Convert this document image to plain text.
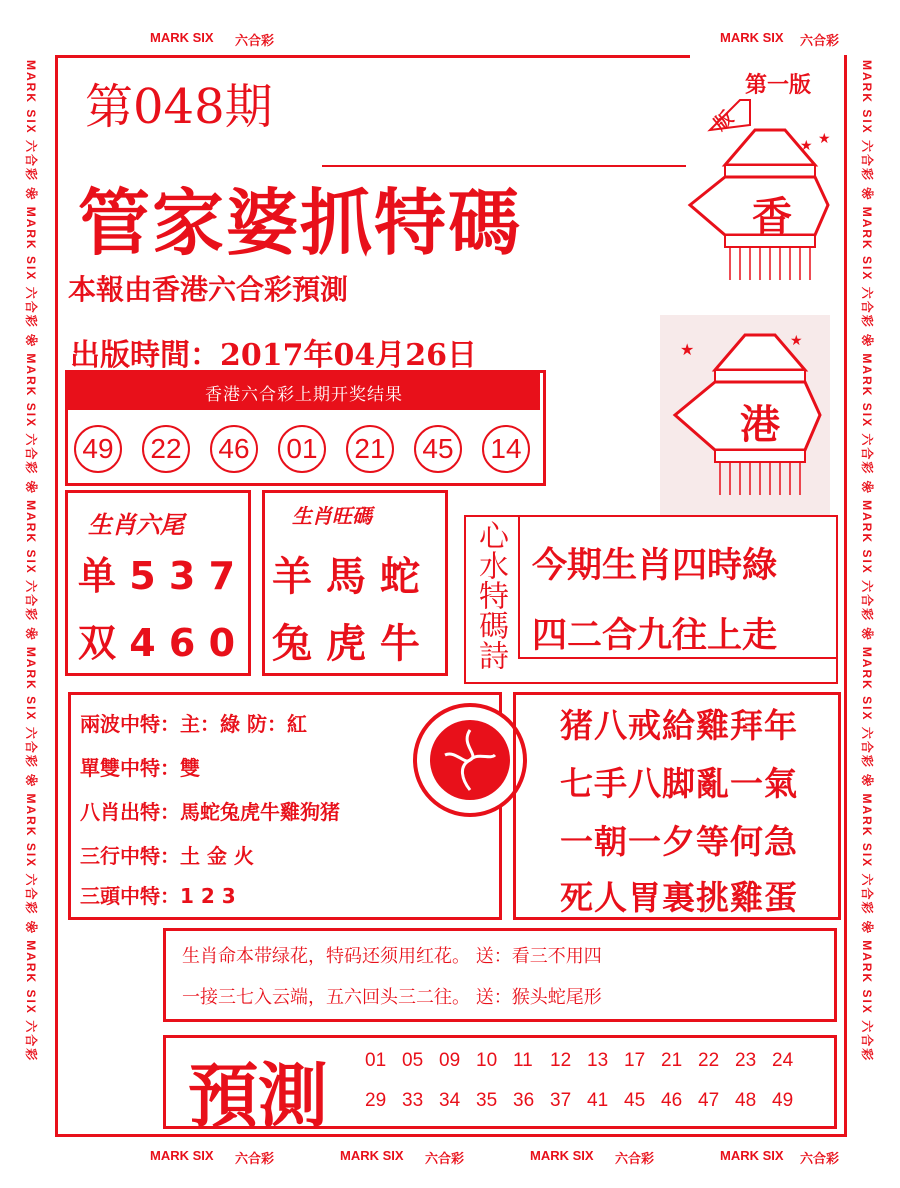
MARK SIX 六合彩	MARK SIX 六合彩
MARK SIX 六合彩	MARK SIX 六合彩	MARK SIX 六合彩	MARK SIX 六合彩
MARK SIX 六合彩 ❀ MARK SIX 六合彩 ❀ MARK SIX 六合彩 ❀ MARK SIX 六合彩 ❀ MARK SIX 六合彩 ❀ MARK SIX 六合彩 ❀ MARK SIX 六合彩
MARK SIX 六合彩 ❀ MARK SIX 六合彩 ❀ MARK SIX 六合彩 ❀ MARK SIX 六合彩 ❀ MARK SIX 六合彩 ❀ MARK SIX 六合彩 ❀ MARK SIX 六合彩
第048期	第一版
管家婆抓特碼
本報由香港六合彩預測
出版時間：2017年04月26日
★ ★
香
版
★	★
港
香港六合彩上期开奖结果
49	22	46	01	21	45	14
生肖六尾
单 5 3 7
双 4 6 0
生肖旺碼
羊 馬 蛇
兔 虎 牛 心水特碼詩 今期生肖四時綠
四二合九往上走
兩波中特：主：綠 防：紅
單雙中特：雙
八肖出特：馬蛇兔虎牛雞狗猪
三行中特：土 金 火
三頭中特：1 2 3
猪八戒給雞拜年
七手八脚亂一氣
一朝一夕等何急
死人胃裏挑雞蛋
生肖命本带绿花，特码还须用红花。 送：看三不用四
一接三七入云端，五六回头三二往。 送：猴头蛇尾形
預測 01 05 09 10 11 12 13 17 21 22 23 24
29 33 34 35 36 37 41 45 46 47 48 49
